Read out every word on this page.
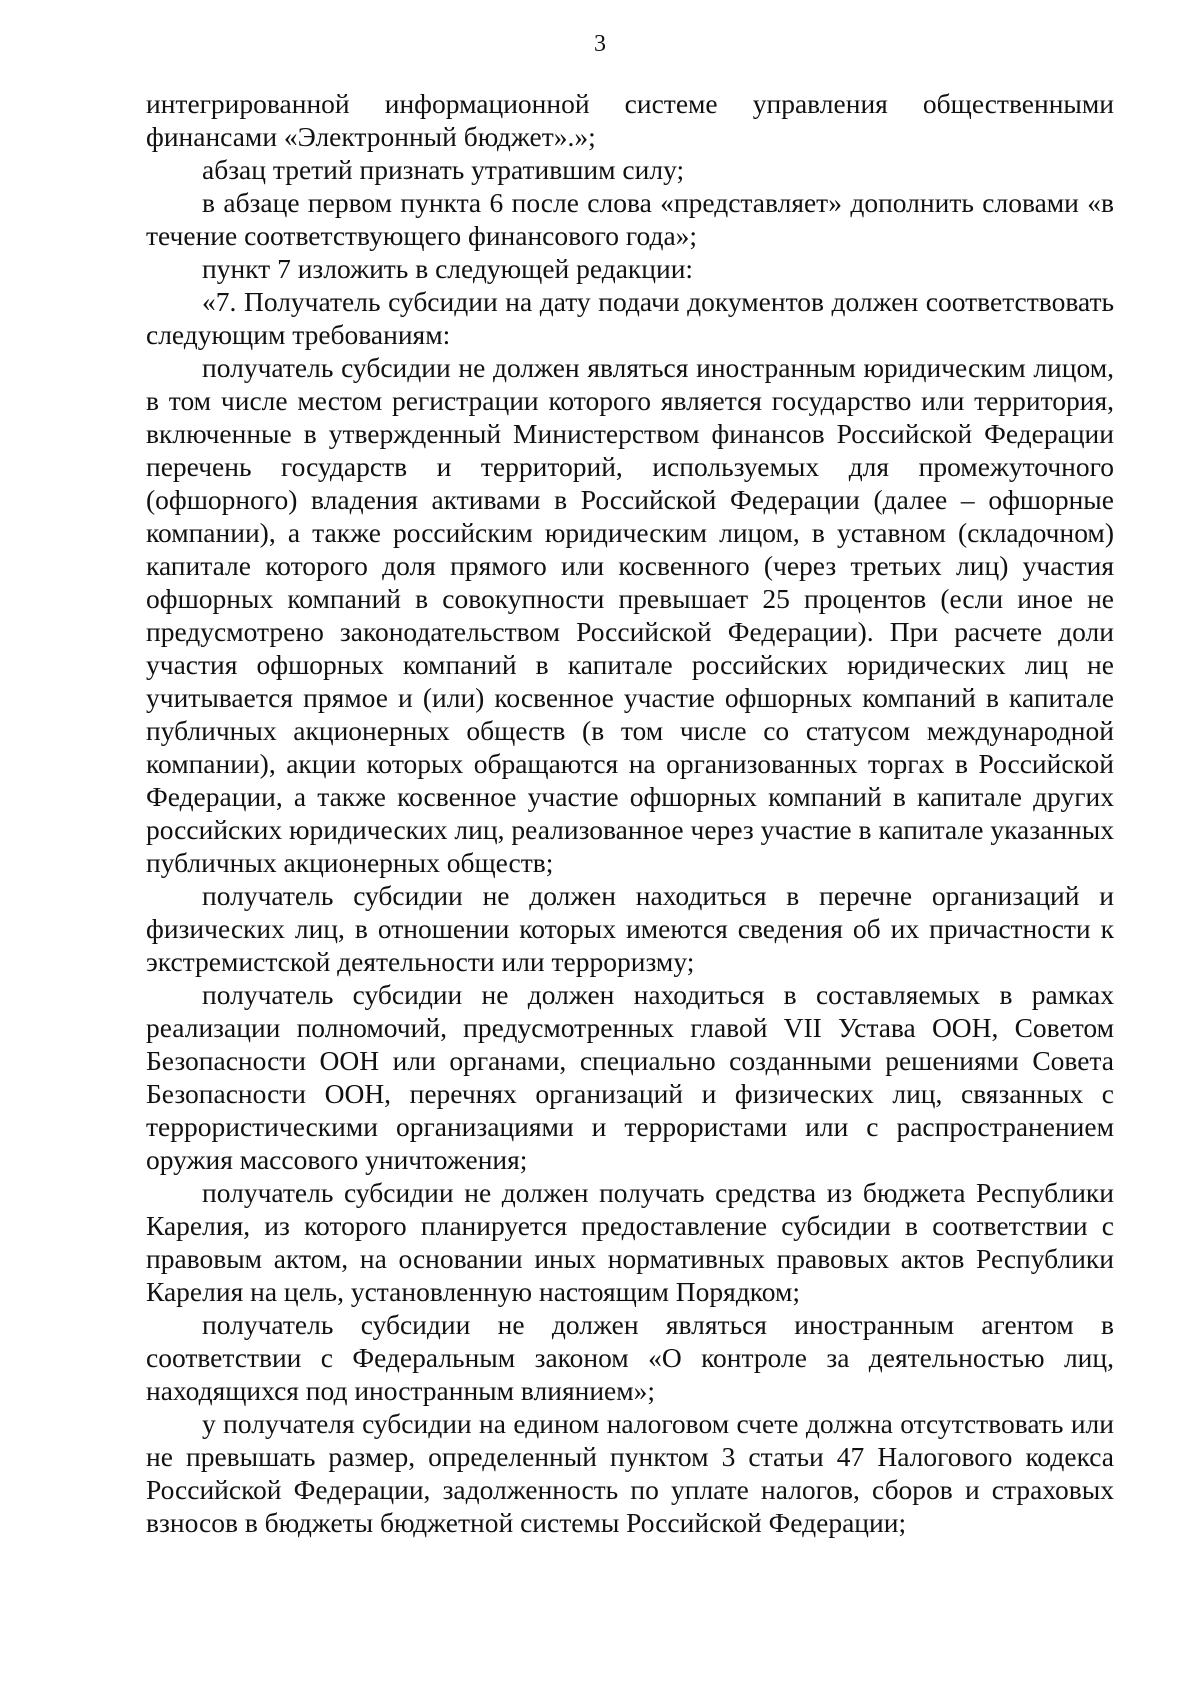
3

интегрированной информационной системе управления общественными финансами «Электронный бюджет».»;

абзац третий признать утратившим силу;

в абзаце первом пункта 6 после слова «представляет» дополнить словами «в течение соответствующего финансового года»;

пункт 7 изложить в следующей редакции:

«7. Получатель субсидии на дату подачи документов должен соответствовать следующим требованиям:

получатель субсидии не должен являться иностранным юридическим лицом, в том числе местом регистрации которого является государство или территория, включенные в утвержденный Министерством финансов Российской Федерации перечень государств и территорий, используемых для промежуточного (офшорного) владения активами в Российской Федерации (далее – офшорные компании), а также российским юридическим лицом, в уставном (складочном) капитале которого доля прямого или косвенного (через третьих лиц) участия офшорных компаний в совокупности превышает 25 процентов (если иное не предусмотрено законодательством Российской Федерации). При расчете доли участия офшорных компаний в капитале российских юридических лиц не учитывается прямое и (или) косвенное участие офшорных компаний в капитале публичных акционерных обществ (в том числе со статусом международной компании), акции которых обращаются на организованных торгах в Российской Федерации, а также косвенное участие офшорных компаний в капитале других российских юридических лиц, реализованное через участие в капитале указанных публичных акционерных обществ;

получатель субсидии не должен находиться в перечне организаций и физических лиц, в отношении которых имеются сведения об их причастности к экстремистской деятельности или терроризму;

получатель субсидии не должен находиться в составляемых в рамках реализации полномочий, предусмотренных главой VII Устава ООН, Советом Безопасности ООН или органами, специально созданными решениями Совета Безопасности ООН, перечнях организаций и физических лиц, связанных с террористическими организациями и террористами или с распространением оружия массового уничтожения;

получатель субсидии не должен получать средства из бюджета Республики Карелия, из которого планируется предоставление субсидии в соответствии с правовым актом, на основании иных нормативных правовых актов Республики Карелия на цель, установленную настоящим Порядком;

получатель субсидии не должен являться иностранным агентом в соответствии с Федеральным законом «О контроле за деятельностью лиц, находящихся под иностранным влиянием»;

у получателя субсидии на едином налоговом счете должна отсутствовать или не превышать размер, определенный пунктом 3 статьи 47 Налогового кодекса Российской Федерации, задолженность по уплате налогов, сборов и страховых взносов в бюджеты бюджетной системы Российской Федерации;
